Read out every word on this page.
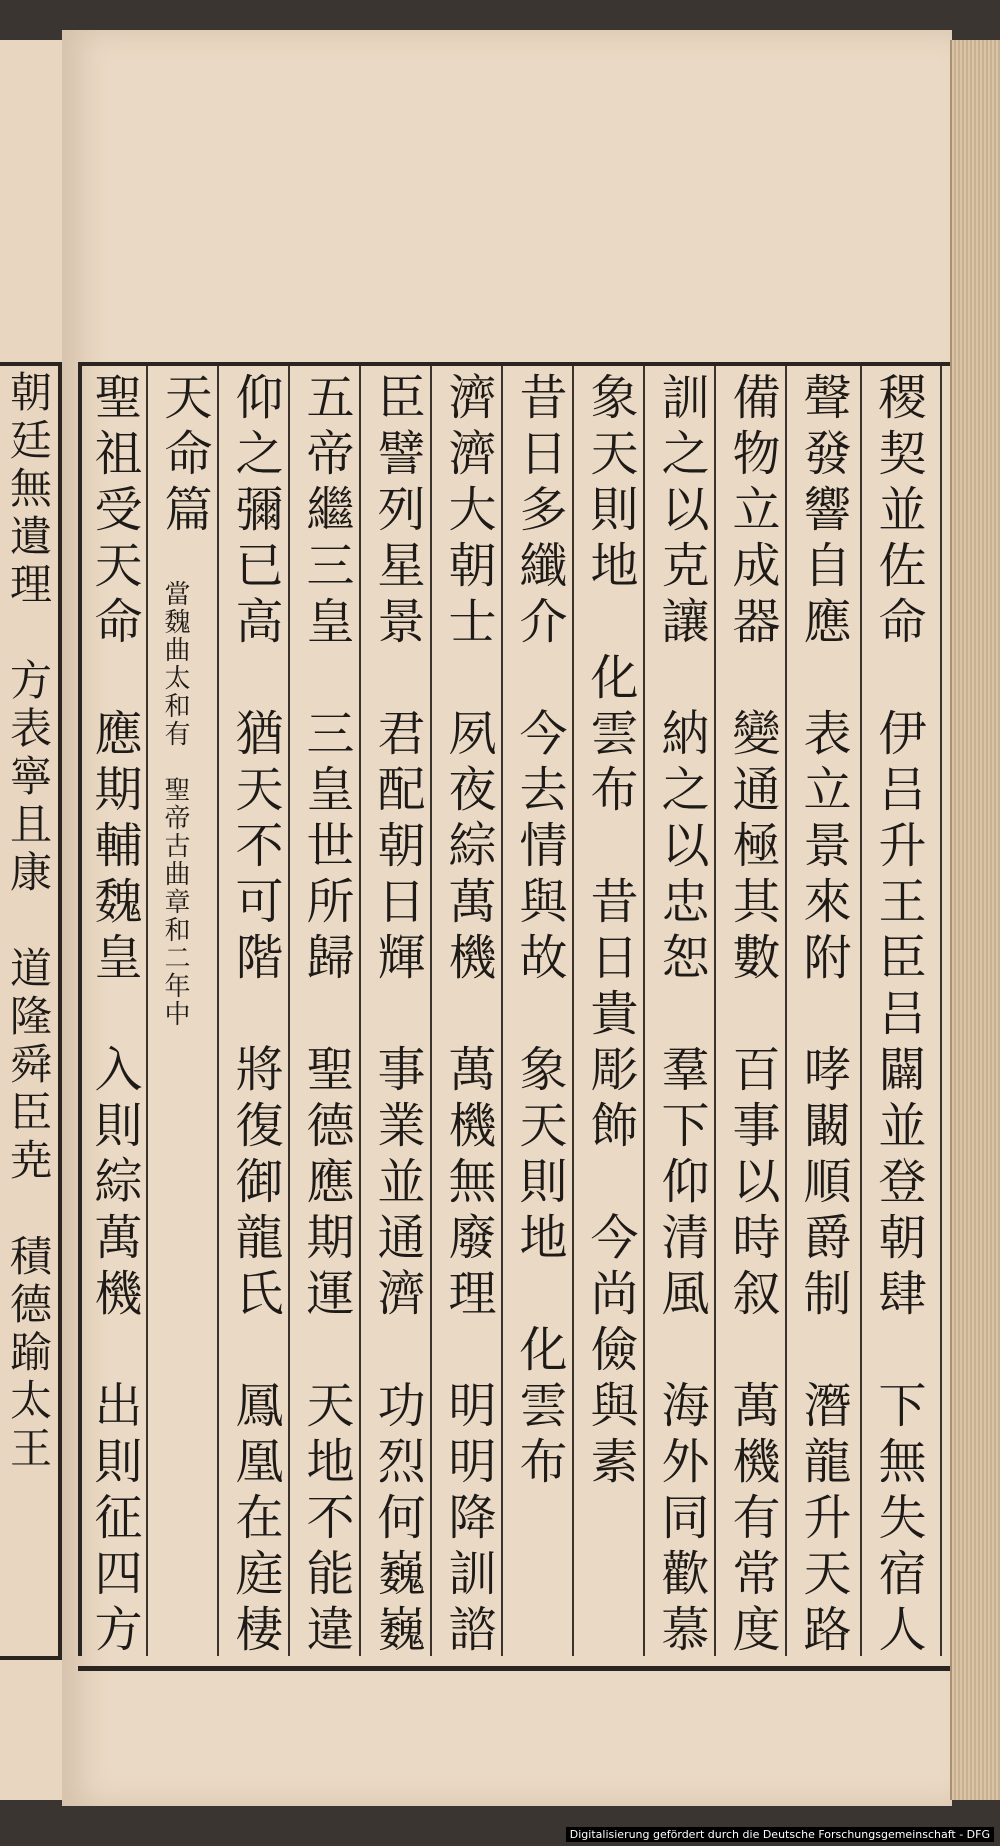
朝廷無遺理　方表寧且康　道隆舜臣尭　積德踰太王	稷契並佐命　伊吕升王臣吕闢並登朝肆　下無失宿人
聲發響自應　表立景來附　哮闞順爵制　潛龍升天路
備物立成器　變通極其數　百事以時叙　萬機有常度
訓之以克讓　納之以忠恕　羣下仰清風　海外同歡慕
象天則地　化雲布　昔日貴彫飾　今尚儉與素
昔日多纖介　今去情與故　象天則地　化雲布
濟濟大朝士　夙夜綜萬機　萬機無廢理　明明降訓諮
臣譬列星景　君配朝日輝　事業並通濟　功烈何巍巍
五帝繼三皇　三皇世所歸　聖德應期運　天地不能違
仰之彌已高　猶天不可階　將復御龍氏　鳳凰在庭棲
天命篇
聖祖受天命　應期輔魏皇　入則綜萬機　出則征四方 當魏曲太和有　聖帝古曲章和二年中
Digitalisierung gefördert durch die Deutsche Forschungsgemeinschaft - DFG
